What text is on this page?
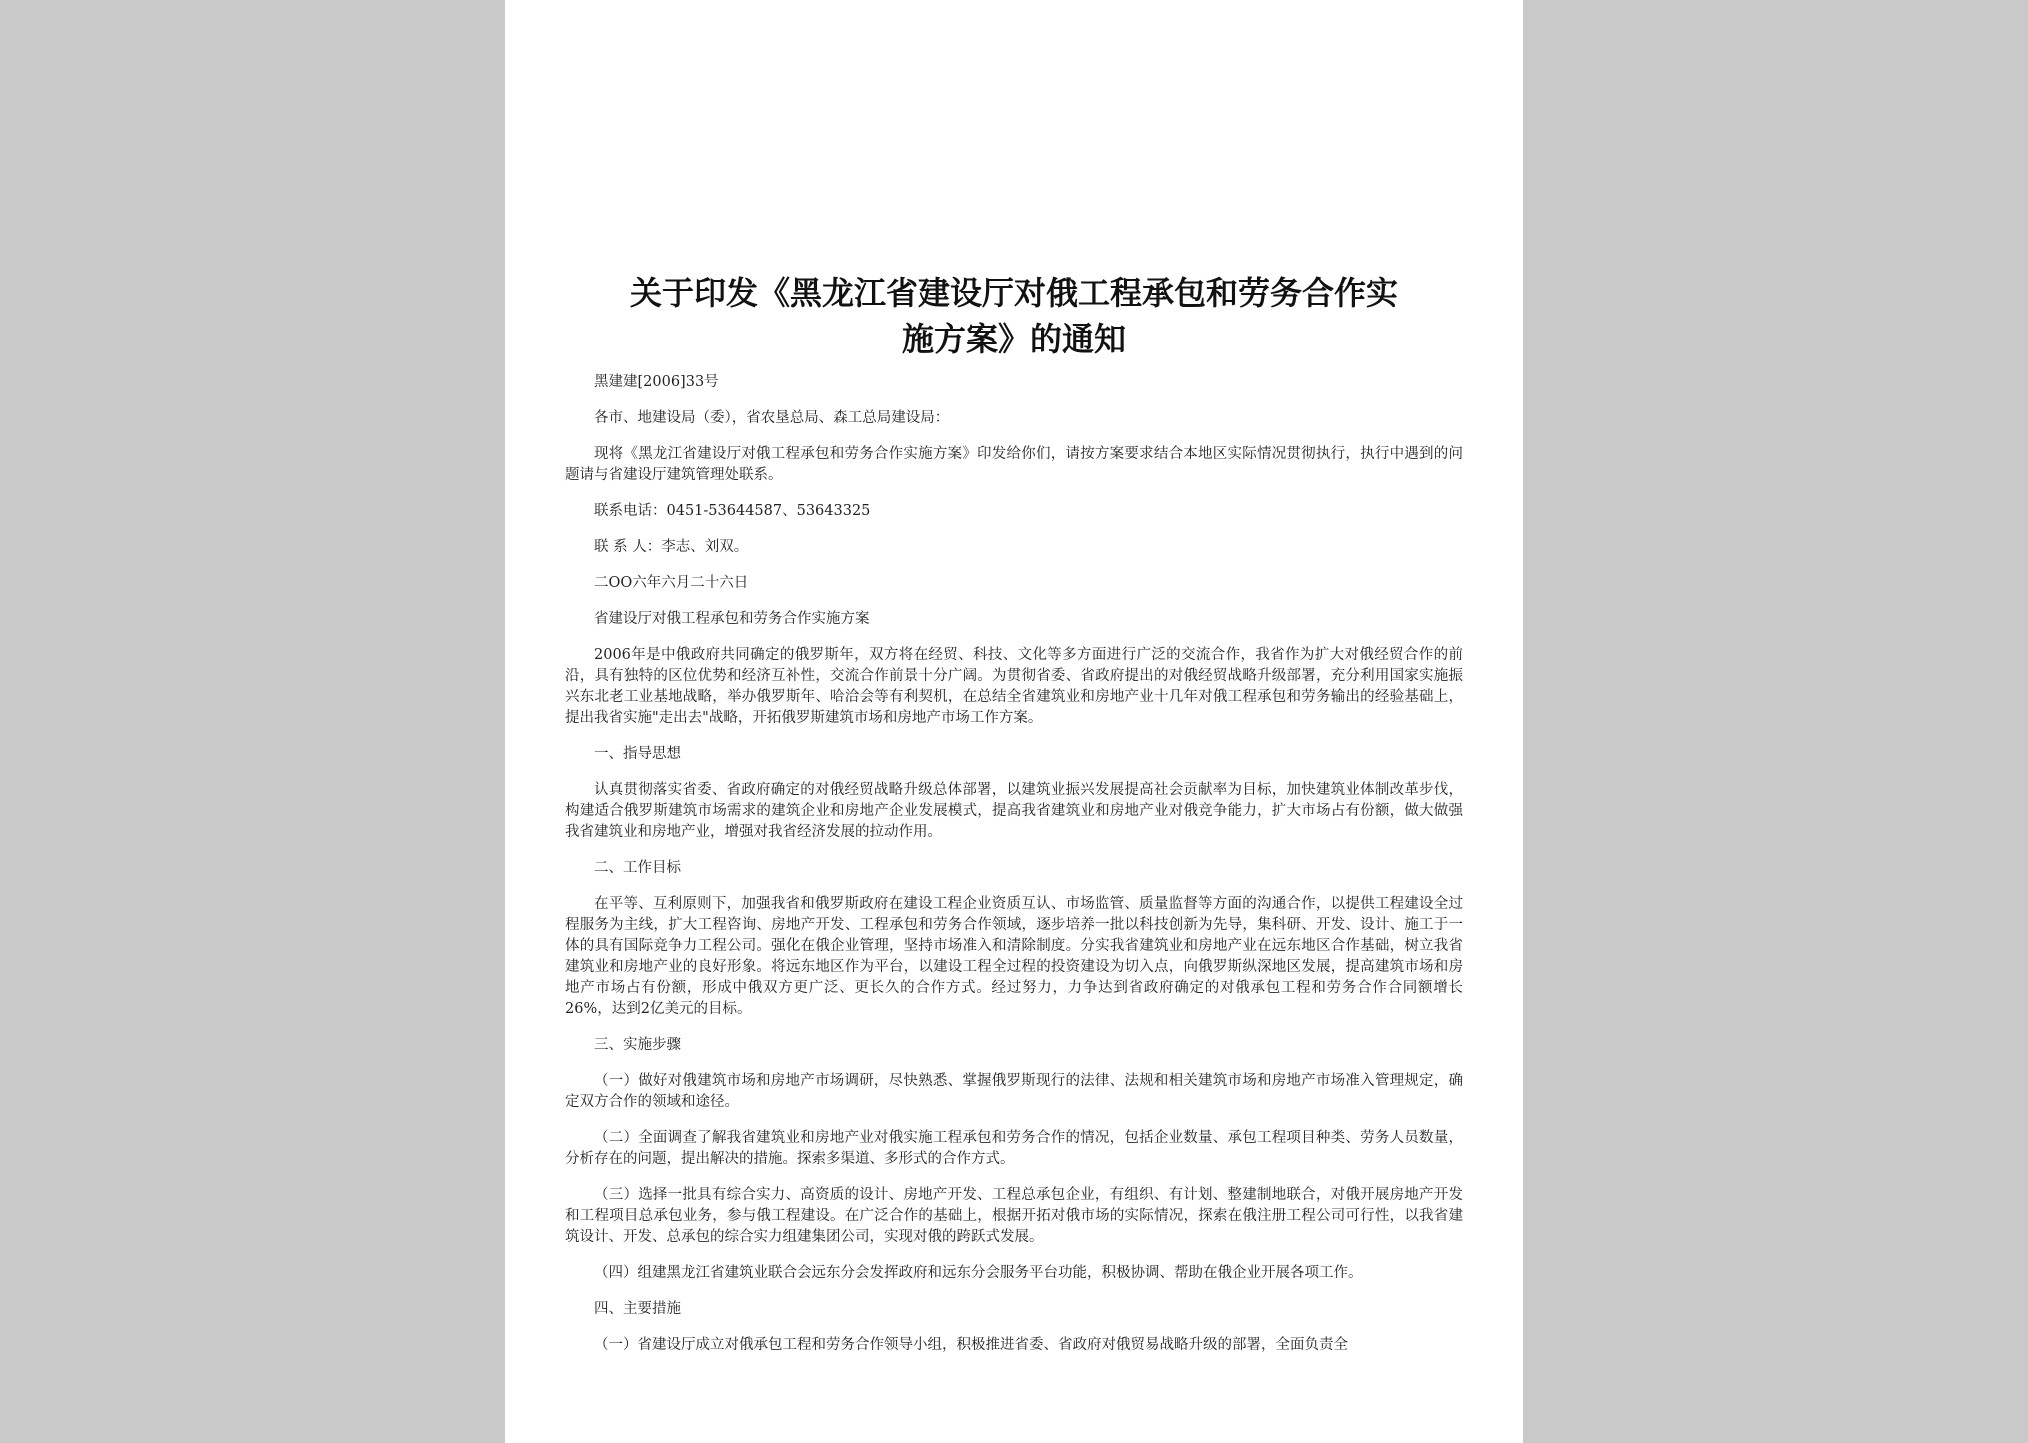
关于印发《黑龙江省建设厅对俄工程承包和劳务合作实
施方案》的通知

黑建建[2006]33号

各市、地建设局（委），省农垦总局、森工总局建设局：

现将《黑龙江省建设厅对俄工程承包和劳务合作实施方案》印发给你们，请按方案要求结合本地区实际情况贯彻执行，执行中遇到的问题请与省建设厅建筑管理处联系。

联系电话：0451-53644587、53643325

联 系 人：李志、刘双。

二OO六年六月二十六日

省建设厅对俄工程承包和劳务合作实施方案

2006年是中俄政府共同确定的俄罗斯年，双方将在经贸、科技、文化等多方面进行广泛的交流合作，我省作为扩大对俄经贸合作的前沿，具有独特的区位优势和经济互补性，交流合作前景十分广阔。为贯彻省委、省政府提出的对俄经贸战略升级部署，充分利用国家实施振兴东北老工业基地战略，举办俄罗斯年、哈洽会等有利契机，在总结全省建筑业和房地产业十几年对俄工程承包和劳务输出的经验基础上，提出我省实施"走出去"战略，开拓俄罗斯建筑市场和房地产市场工作方案。

一、指导思想

认真贯彻落实省委、省政府确定的对俄经贸战略升级总体部署，以建筑业振兴发展提高社会贡献率为目标，加快建筑业体制改革步伐，构建适合俄罗斯建筑市场需求的建筑企业和房地产企业发展模式，提高我省建筑业和房地产业对俄竞争能力，扩大市场占有份额，做大做强我省建筑业和房地产业，增强对我省经济发展的拉动作用。

二、工作目标

在平等、互利原则下，加强我省和俄罗斯政府在建设工程企业资质互认、市场监管、质量监督等方面的沟通合作，以提供工程建设全过程服务为主线，扩大工程咨询、房地产开发、工程承包和劳务合作领域，逐步培养一批以科技创新为先导，集科研、开发、设计、施工于一体的具有国际竞争力工程公司。强化在俄企业管理，坚持市场准入和清除制度。分实我省建筑业和房地产业在远东地区合作基础，树立我省建筑业和房地产业的良好形象。将远东地区作为平台，以建设工程全过程的投资建设为切入点，向俄罗斯纵深地区发展，提高建筑市场和房地产市场占有份额，形成中俄双方更广泛、更长久的合作方式。经过努力，力争达到省政府确定的对俄承包工程和劳务合作合同额增长26%，达到2亿美元的目标。

三、实施步骤

（一）做好对俄建筑市场和房地产市场调研，尽快熟悉、掌握俄罗斯现行的法律、法规和相关建筑市场和房地产市场准入管理规定，确定双方合作的领域和途径。

（二）全面调查了解我省建筑业和房地产业对俄实施工程承包和劳务合作的情况，包括企业数量、承包工程项目种类、劳务人员数量，分析存在的问题，提出解决的措施。探索多渠道、多形式的合作方式。

（三）选择一批具有综合实力、高资质的设计、房地产开发、工程总承包企业，有组织、有计划、整建制地联合，对俄开展房地产开发和工程项目总承包业务，参与俄工程建设。在广泛合作的基础上，根据开拓对俄市场的实际情况，探索在俄注册工程公司可行性，以我省建筑设计、开发、总承包的综合实力组建集团公司，实现对俄的跨跃式发展。

（四）组建黑龙江省建筑业联合会远东分会发挥政府和远东分会服务平台功能，积极协调、帮助在俄企业开展各项工作。

四、主要措施

（一）省建设厅成立对俄承包工程和劳务合作领导小组，积极推进省委、省政府对俄贸易战略升级的部署，全面负责全
